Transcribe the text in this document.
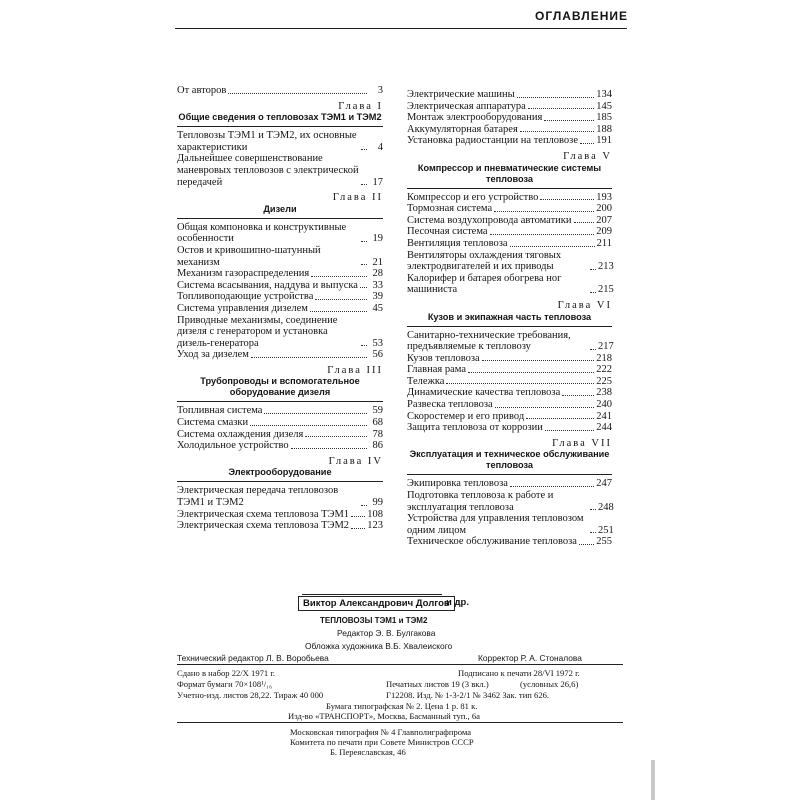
ОГЛАВЛЕНИЕ
От авторов	3
Глава I
Общие сведения о тепловозах ТЭМ1 и ТЭМ2
Тепловозы ТЭМ1 и ТЭМ2, их основные характеристики	4
Дальнейшее совершенствование маневровых тепловозов с электрической передачей	17
Глава II
Дизели
Общая компоновка и конструктивные особенности	19
Остов и кривошипно-шатунный механизм	21
Механизм газораспределения	28
Система всасывания, наддува и выпуска	33
Топливоподающие устройства	39
Система управления дизелем	45
Приводные механизмы, соединение дизеля с генератором и установка дизель-генератора	53
Уход за дизелем	56
Глава III
Трубопроводы и вспомогательное оборудование дизеля
Топливная система	59
Система смазки	68
Система охлаждения дизеля	78
Холодильное устройство	86
Глава IV
Электрооборудование
Электрическая передача тепловозов ТЭМ1 и ТЭМ2	99
Электрическая схема тепловоза ТЭМ1 108
Электрическая схема тепловоза ТЭМ2 123
Электрические машины	134
Электрическая аппаратура	145
Монтаж электрооборудования	185
Аккумуляторная батарея	188
Установка радиостанции на тепловозе 191
Глава V
Компрессор и пневматические системы тепловоза
Компрессор и его устройство	193
Тормозная система	200
Система воздухопровода автоматики 207
Песочная система	209
Вентиляция тепловоза	211
Вентиляторы охлаждения тяговых электродвигателей и их приводы	213
Калорифер и батарея обогрева ног машиниста	215
Глава VI
Кузов и экипажная часть тепловоза
Санитарно-технические требования, предъявляемые к тепловозу	217
Кузов тепловоза	218
Главная рама	222
Тележка	225
Динамические качества тепловоза	238
Развеска тепловоза	240
Скоростемер и его привод	241
Защита тепловоза от коррозии	244
Глава VII
Эксплуатация и техническое обслуживание тепловоза
Экипировка тепловоза	247
Подготовка тепловоза к работе и эксплуатация тепловоза	248
Устройства для управления тепловозом одним лицом	251
Техническое обслуживание тепловоза 255
Виктор Александрович Долгов
и др.
ТЕПЛОВОЗЫ ТЭМ1 и ТЭМ2
Редактор Э. В. Булгакова
Обложка художника В.Б. Хвалеиского
Технический редактор Л. В. Воробьева	Корректор Р. А. Стоналова
Сдано в набор 22/X 1971 г.	Подписано к печати 28/VI 1972 г.
Формат бумаги 70×108¹/₁₆	Печатных листов 19 (3 вкл.)	(условных 26,6)
Учетно-изд. листов 28,22. Тираж 40 000	Г12208. Изд. № 1-3-2/1 № 3462 Зак. тип 626.
Бумага типографская № 2. Цена 1 р. 81 к.
Изд-во «ТРАНСПОРТ», Москва, Басманный туп., 6а
Московская типография № 4 Главполиграфпрома
Комитета по печати при Совете Министров СССР
Б. Переяславская, 46
